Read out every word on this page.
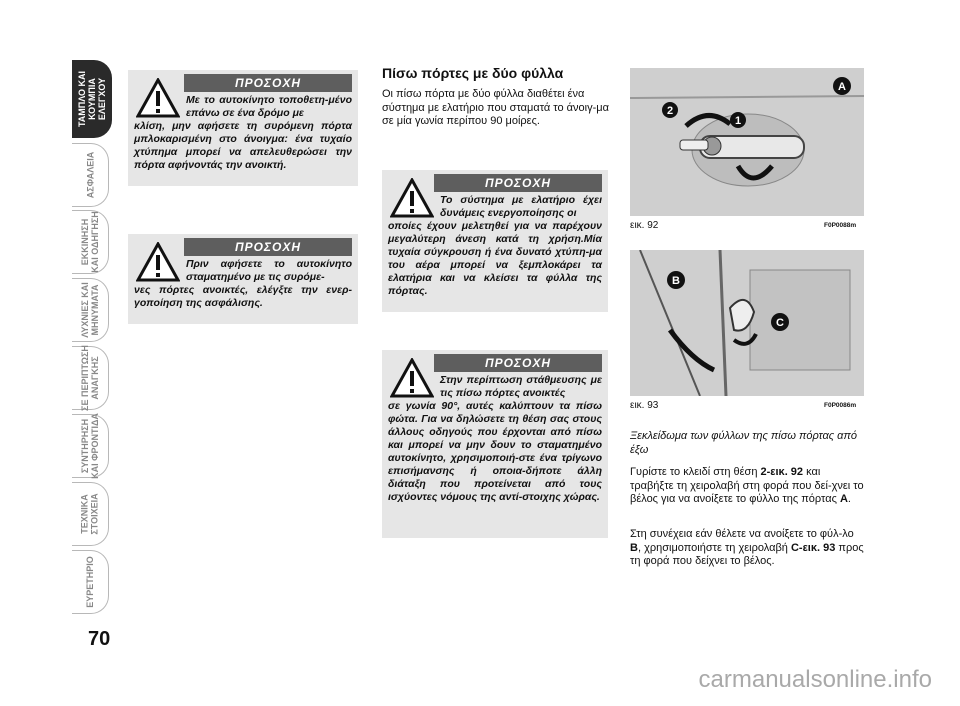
ΤΑΜΠΛΟ ΚΑΙ
ΚΟΥΜΠΙΑ
ΕΛΕΓΧΟΥ
ΑΣΦΑΛΕΙΑ
ΕΚΚΙΝΗΣΗ
ΚΑΙ ΟΔΗΓΗΣΗ
ΛΥΧΝΙΕΣ ΚΑΙ
ΜΗΝΥΜΑΤΑ
ΣΕ ΠΕΡΙΠΤΩΣΗ
ΑΝΑΓΚΗΣ
ΣΥΝΤΗΡΗΣΗ
ΚΑΙ ΦΡΟΝΤΙΔΑ
ΤΕΧΝΙΚΑ
ΣΤΟΙΧΕΙΑ
ΕΥΡΕΤΗΡΙΟ
70
ΠΡΟΣΟΧΗ
Με το αυτοκίνητο τοποθετη-μένο επάνω σε ένα δρόμο με
κλίση, μην αφήσετε τη συρόμενη πόρτα μπλοκαρισμένη στο άνοιγμα: ένα τυχαίο χτύπημα μπορεί να απελευθερώσει την πόρτα αφήνοντάς την ανοικτή.
ΠΡΟΣΟΧΗ
Πριν αφήσετε το αυτοκίνητο σταματημένο με τις συρόμε-
νες πόρτες ανοικτές, ελέγξτε την ενερ-γοποίηση της ασφάλισης.
Πίσω πόρτες με δύο φύλλα
Οι πίσω πόρτα με δύο φύλλα διαθέτει ένα σύστημα με ελατήριο που σταματά το άνοιγ-μα σε μία γωνία περίπου 90 μοίρες.
ΠΡΟΣΟΧΗ
Το σύστημα με ελατήριο έχει δυνάμεις ενεργοποίησης οι
οποίες έχουν μελετηθεί για να παρέχουν μεγαλύτερη άνεση κατά τη χρήση.Μία τυχαία σύγκρουση ή ένα δυνατό χτύπη-μα του αέρα μπορεί να ξεμπλοκάρει τα ελατήρια και να κλείσει τα φύλλα της πόρτας.
ΠΡΟΣΟΧΗ
Στην περίπτωση στάθμευσης με τις πίσω πόρτες ανοικτές
σε γωνία 90°, αυτές καλύπτουν τα πίσω φώτα. Για να δηλώσετε τη θέση σας στους άλλους οδηγούς που έρχονται από πίσω και μπορεί να μην δουν το σταματημένο αυτοκίνητο, χρησιμοποιή-στε ένα τρίγωνο επισήμανσης ή οποια-δήποτε άλλη διάταξη που προτείνεται από τους ισχύοντες νόμους της αντί-στοιχης χώρας.
2
1
A
εικ. 92	F0P0088m
B
C
εικ. 93	F0P0086m
Ξεκλείδωμα των φύλλων της πίσω πόρτας από έξω
Γυρίστε το κλειδί στη θέση 2-εικ. 92 και τραβήξτε τη χειρολαβή στη φορά που δεί-χνει το βέλος για να ανοίξετε το φύλλο της πόρτας A.
Στη συνέχεια εάν θέλετε να ανοίξετε το φύλ-λο B, χρησιμοποιήστε τη χειρολαβή C-εικ. 93 προς τη φορά που δείχνει το βέλος.
carmanualsonline.info
